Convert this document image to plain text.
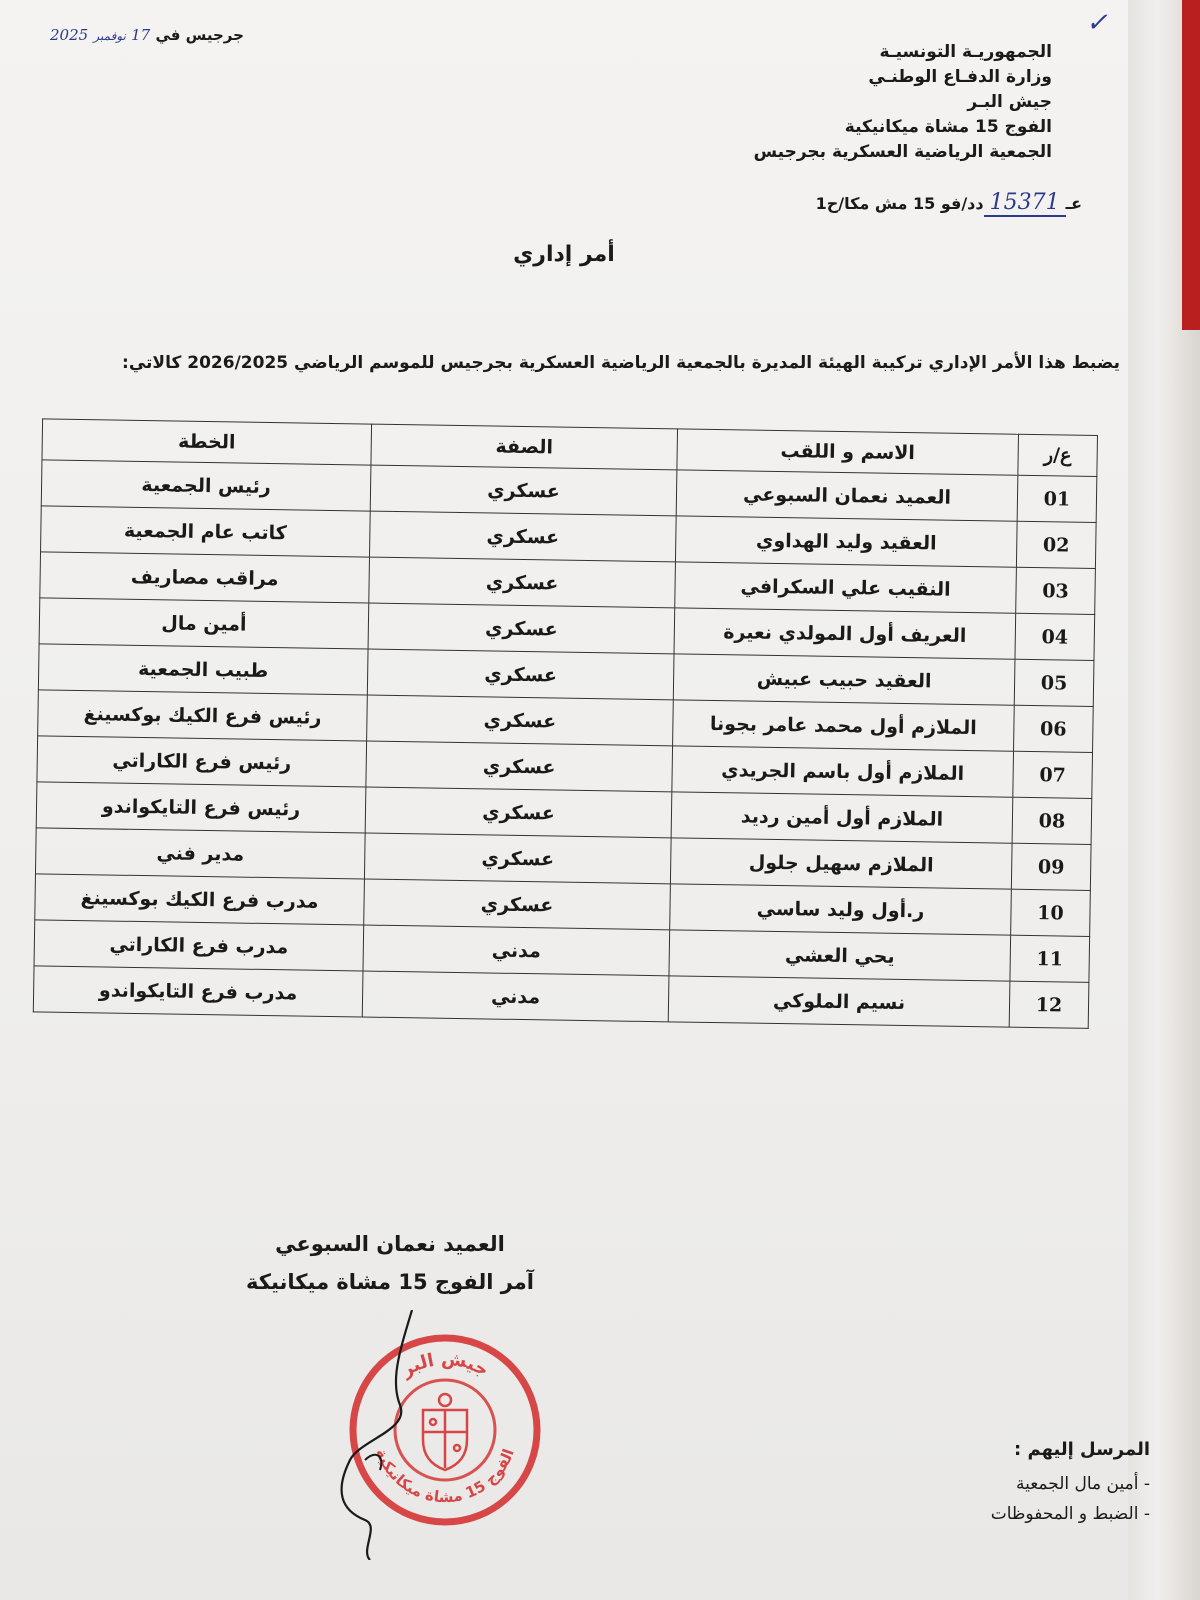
✓
جرجيس في 17 نوفمبر 2025
الجمهوريـة التونسيـة
وزارة الدفـاع الوطنـي
جيش البـر
الفوج 15 مشاة ميكانيكية
الجمعية الرياضية العسكرية بجرجيس
عـ15371دد/فو 15 مش مكا/ح1
أمر إداري
يضبط هذا الأمر الإداري تركيبة الهيئة المديرة بالجمعية الرياضية العسكرية بجرجيس للموسم الرياضي 2026/2025 كالاتي:
ع/ر	الاسم و اللقب	الصفة	الخطة
01	العميد نعمان السبوعي	عسكري	رئيس الجمعية
02	العقيد وليد الهداوي	عسكري	كاتب عام الجمعية
03	النقيب علي السكرافي	عسكري	مراقب مصاريف
04	العريف أول المولدي نعيرة	عسكري	أمين مال
05	العقيد حبيب عبيش	عسكري	طبيب الجمعية
06	الملازم أول محمد عامر بجونا	عسكري	رئيس فرع الكيك بوكسينغ
07	الملازم أول باسم الجريدي	عسكري	رئيس فرع الكاراتي
08	الملازم أول أمين رديد	عسكري	رئيس فرع التايكواندو
09	الملازم سهيل جلول	عسكري	مدير فني
10	ر.أول وليد ساسي	عسكري	مدرب فرع الكيك بوكسينغ
11	يحي العشي	مدني	مدرب فرع الكاراتي
12	نسيم الملوكي	مدني	مدرب فرع التايكواندو
العميد نعمان السبوعي
آمر الفوج 15 مشاة ميكانيكة
جيش البر
الفوج 15 مشاة ميكانيكية	المرسل إليهم :
- أمين مال الجمعية
- الضبط و المحفوظات
